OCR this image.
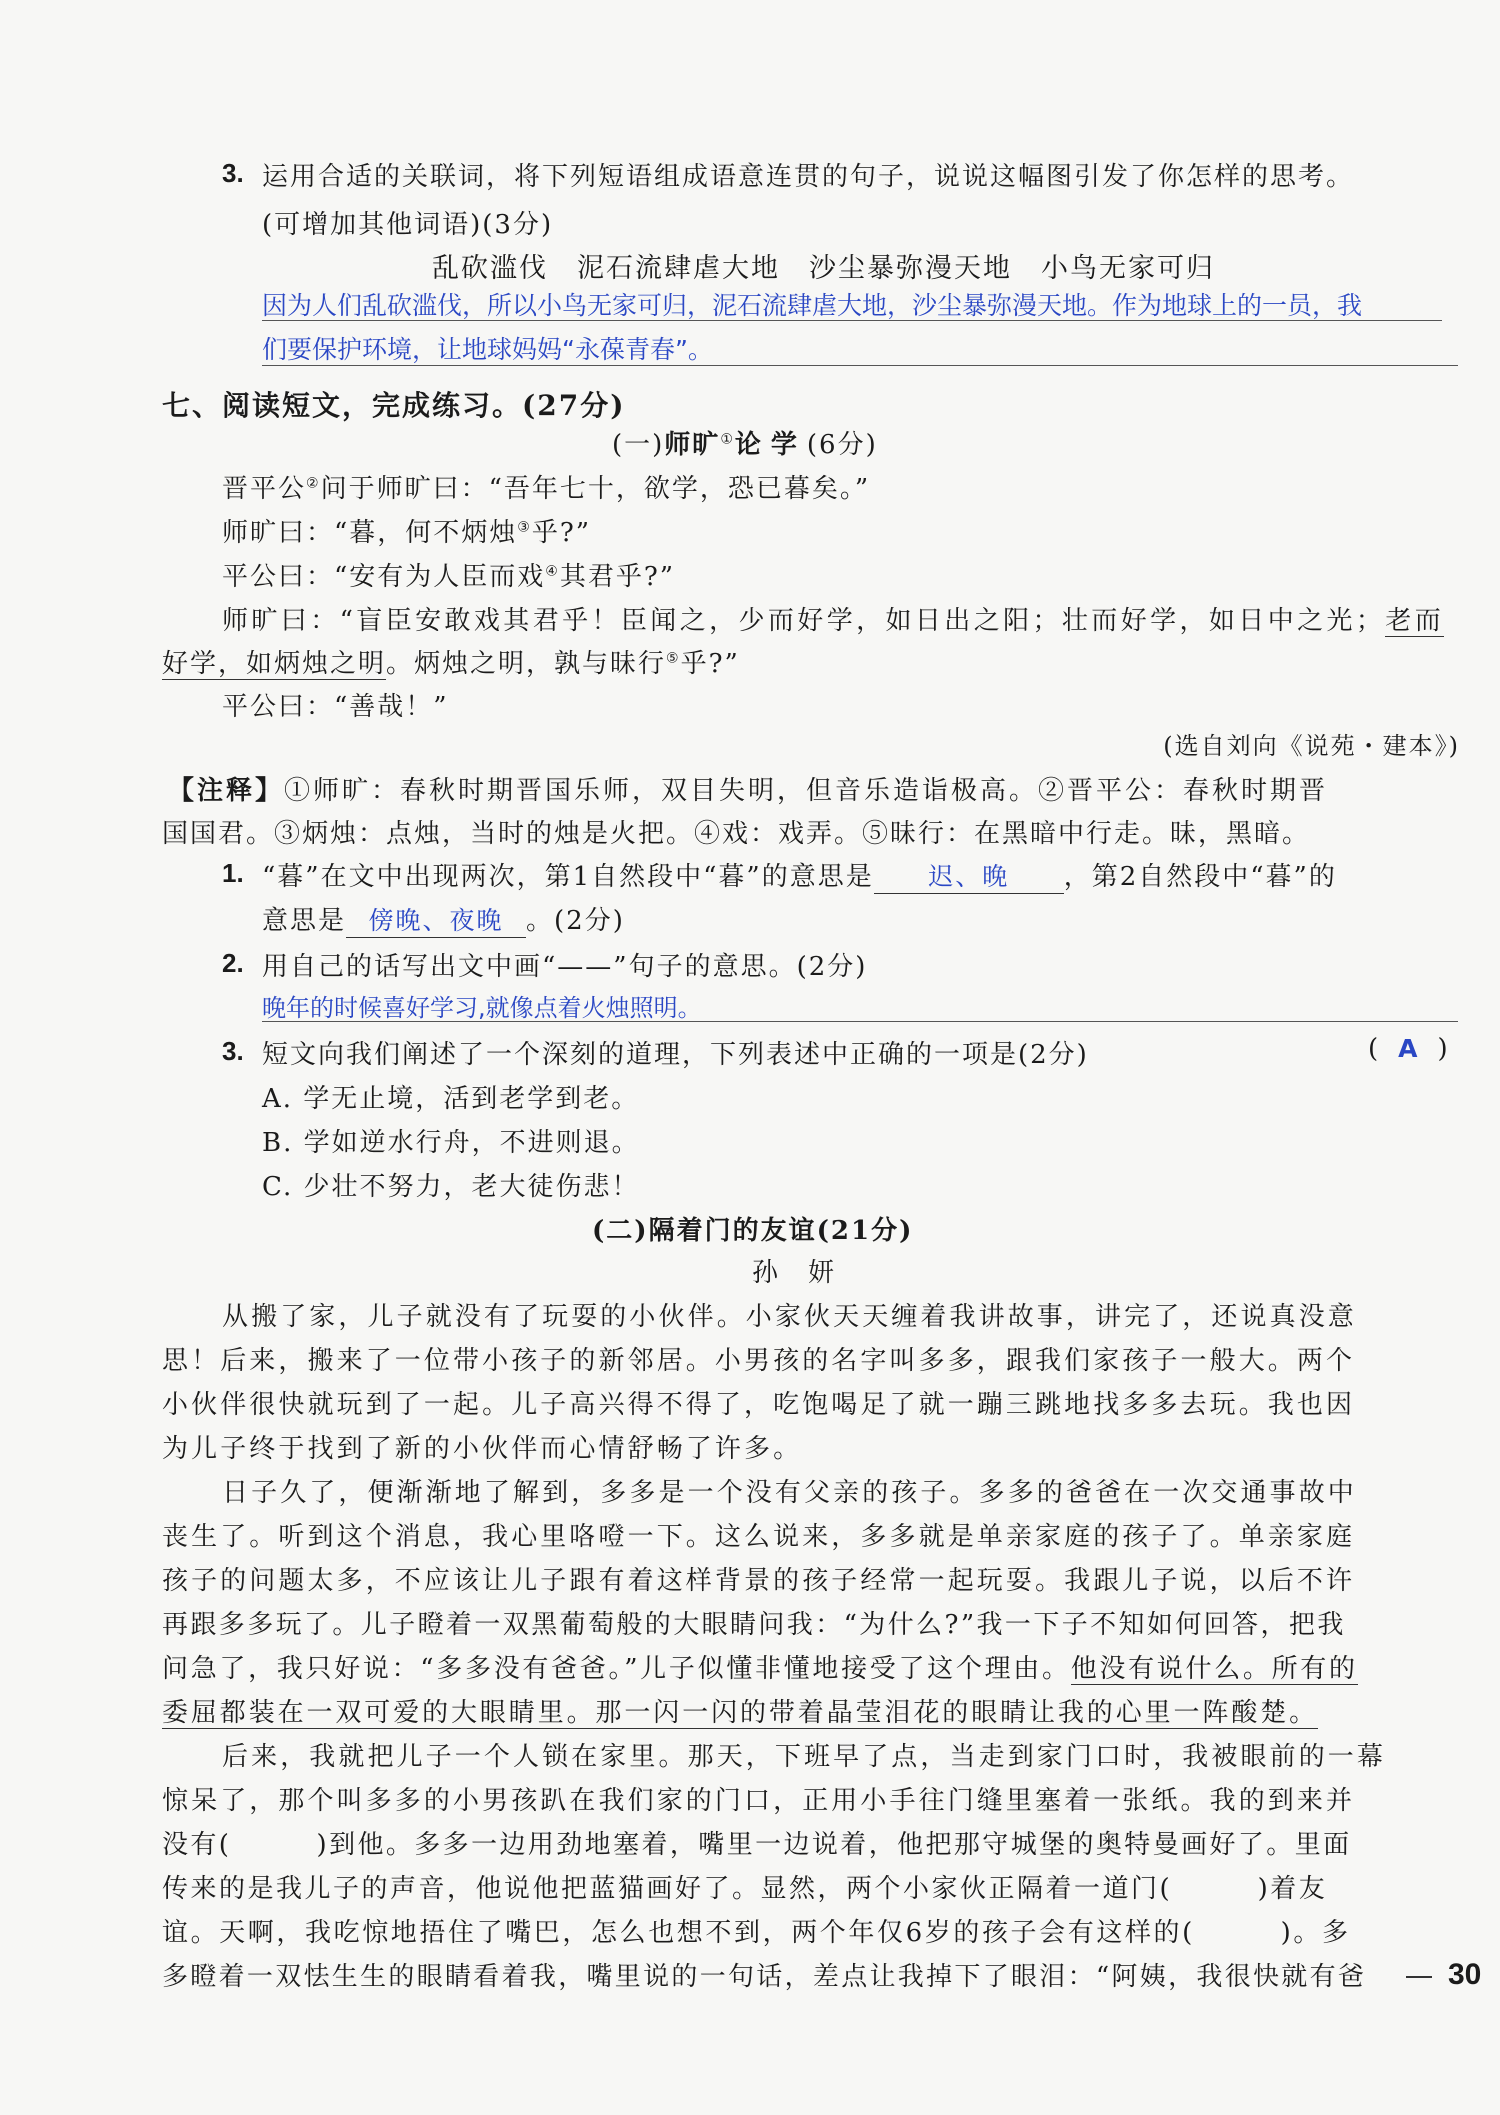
3. 运用合适的关联词，将下列短语组成语意连贯的句子，说说这幅图引发了你怎样的思考。
(可增加其他词语)(3分)
乱砍滥伐　泥石流肆虐大地　沙尘暴弥漫天地　小鸟无家可归
因为人们乱砍滥伐，所以小鸟无家可归，泥石流肆虐大地，沙尘暴弥漫天地。作为地球上的一员，我
们要保护环境，让地球妈妈“永葆青春”。
七、阅读短文，完成练习。(27分)
(一)师旷①论学(6分)
晋平公②问于师旷曰：“吾年七十，欲学，恐已暮矣。”
师旷曰：“暮，何不炳烛③乎?”
平公曰：“安有为人臣而戏④其君乎?”
师旷曰：“盲臣安敢戏其君乎！臣闻之，少而好学，如日出之阳；壮而好学，如日中之光；老而
好学，如炳烛之明。炳烛之明，孰与昧行⑤乎?”
平公曰：“善哉！”
(选自刘向《说苑・建本》)
【注释】①师旷：春秋时期晋国乐师，双目失明，但音乐造诣极高。②晋平公：春秋时期晋
国国君。③炳烛：点烛，当时的烛是火把。④戏：戏弄。⑤昧行：在黑暗中行走。昧，黑暗。
1. “暮”在文中出现两次，第1自然段中“暮”的意思是 迟、晚 ，第2自然段中“暮”的
意思是 傍晚、夜晚 。(2分)
2. 用自己的话写出文中画“——”句子的意思。(2分)
晚年的时候喜好学习,就像点着火烛照明。
3. 短文向我们阐述了一个深刻的道理，下列表述中正确的一项是(2分)	( A )
A. 学无止境，活到老学到老。
B. 学如逆水行舟，不进则退。
C. 少壮不努力，老大徒伤悲！
(二)隔着门的友谊(21分)
孙　妍
从搬了家，儿子就没有了玩耍的小伙伴。小家伙天天缠着我讲故事，讲完了，还说真没意
思！后来，搬来了一位带小孩子的新邻居。小男孩的名字叫多多，跟我们家孩子一般大。两个
小伙伴很快就玩到了一起。儿子高兴得不得了，吃饱喝足了就一蹦三跳地找多多去玩。我也因
为儿子终于找到了新的小伙伴而心情舒畅了许多。
日子久了，便渐渐地了解到，多多是一个没有父亲的孩子。多多的爸爸在一次交通事故中
丧生了。听到这个消息，我心里咯噔一下。这么说来，多多就是单亲家庭的孩子了。单亲家庭
孩子的问题太多，不应该让儿子跟有着这样背景的孩子经常一起玩耍。我跟儿子说，以后不许
再跟多多玩了。儿子瞪着一双黑葡萄般的大眼睛问我：“为什么?”我一下子不知如何回答，把我
问急了，我只好说：“多多没有爸爸。”儿子似懂非懂地接受了这个理由。他没有说什么。所有的
委屈都装在一双可爱的大眼睛里。那一闪一闪的带着晶莹泪花的眼睛让我的心里一阵酸楚。
后来，我就把儿子一个人锁在家里。那天，下班早了点，当走到家门口时，我被眼前的一幕
惊呆了，那个叫多多的小男孩趴在我们家的门口，正用小手往门缝里塞着一张纸。我的到来并
没有(　　　)到他。多多一边用劲地塞着，嘴里一边说着，他把那守城堡的奥特曼画好了。里面
传来的是我儿子的声音，他说他把蓝猫画好了。显然，两个小家伙正隔着一道门(　　　)着友
谊。天啊，我吃惊地捂住了嘴巴，怎么也想不到，两个年仅6岁的孩子会有这样的(　　　)。多
多瞪着一双怯生生的眼睛看着我，嘴里说的一句话，差点让我掉下了眼泪：“阿姨，我很快就有爸	30
